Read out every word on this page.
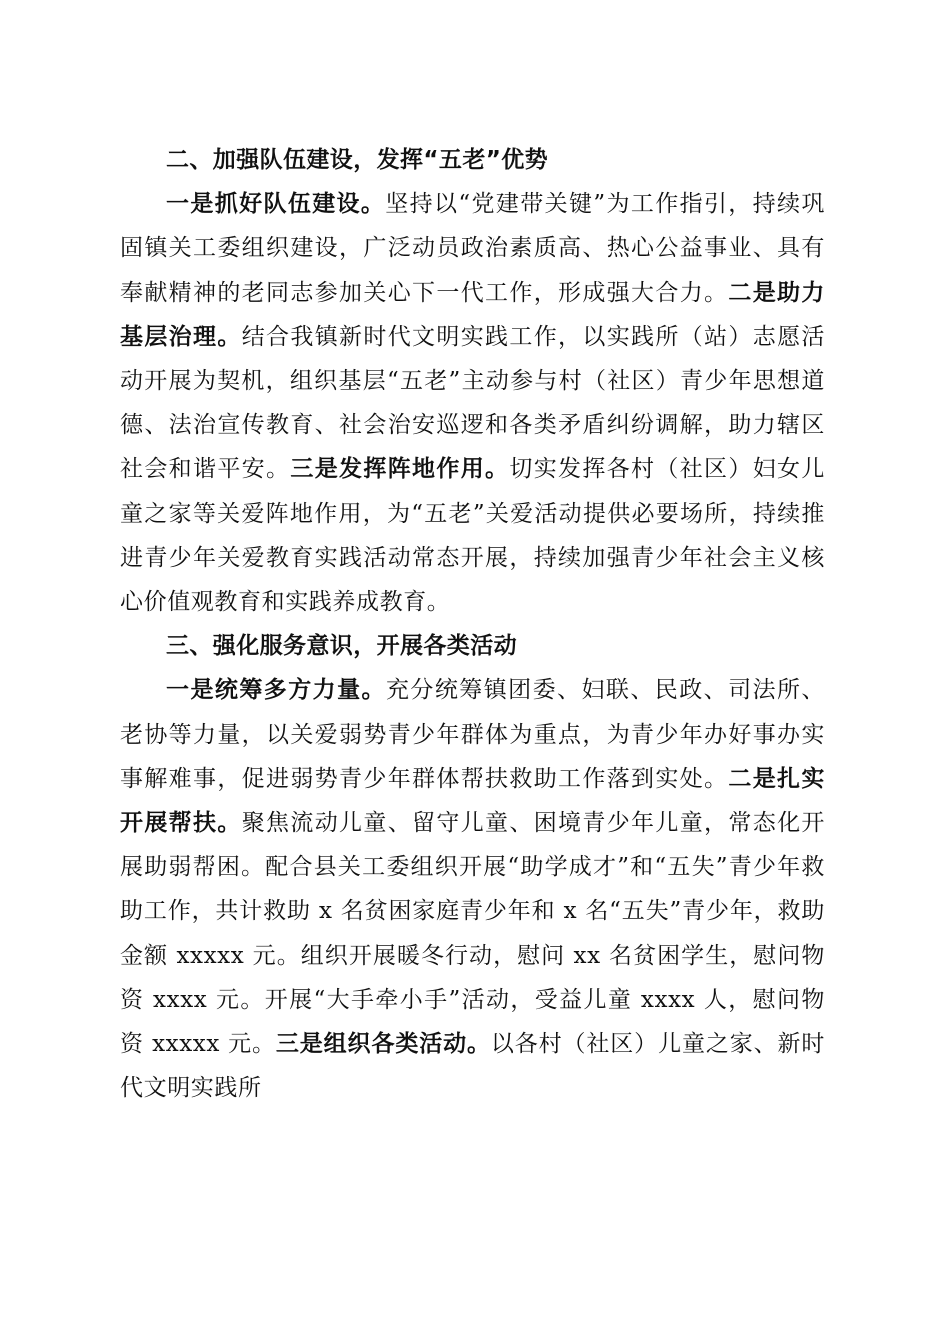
二、加强队伍建设，发挥“五老”优势

一是抓好队伍建设。坚持以“党建带关键”为工作指引，持续巩固镇关工委组织建设，广泛动员政治素质高、热心公益事业、具有奉献精神的老同志参加关心下一代工作，形成强大合力。二是助力基层治理。结合我镇新时代文明实践工作，以实践所（站）志愿活动开展为契机，组织基层“五老”主动参与村（社区）青少年思想道德、法治宣传教育、社会治安巡逻和各类矛盾纠纷调解，助力辖区社会和谐平安。三是发挥阵地作用。切实发挥各村（社区）妇女儿童之家等关爱阵地作用，为“五老”关爱活动提供必要场所，持续推进青少年关爱教育实践活动常态开展，持续加强青少年社会主义核心价值观教育和实践养成教育。

三、强化服务意识，开展各类活动

一是统筹多方力量。充分统筹镇团委、妇联、民政、司法所、老协等力量，以关爱弱势青少年群体为重点，为青少年办好事办实事解难事，促进弱势青少年群体帮扶救助工作落到实处。二是扎实开展帮扶。聚焦流动儿童、留守儿童、困境青少年儿童，常态化开展助弱帮困。配合县关工委组织开展“助学成才”和“五失”青少年救助工作，共计救助 x 名贫困家庭青少年和 x 名“五失”青少年，救助金额 xxxxx 元。组织开展暖冬行动，慰问 xx 名贫困学生，慰问物资 xxxx 元。开展“大手牵小手”活动，受益儿童 xxxx 人，慰问物资 xxxxx 元。三是组织各类活动。以各村（社区）儿童之家、新时代文明实践所
